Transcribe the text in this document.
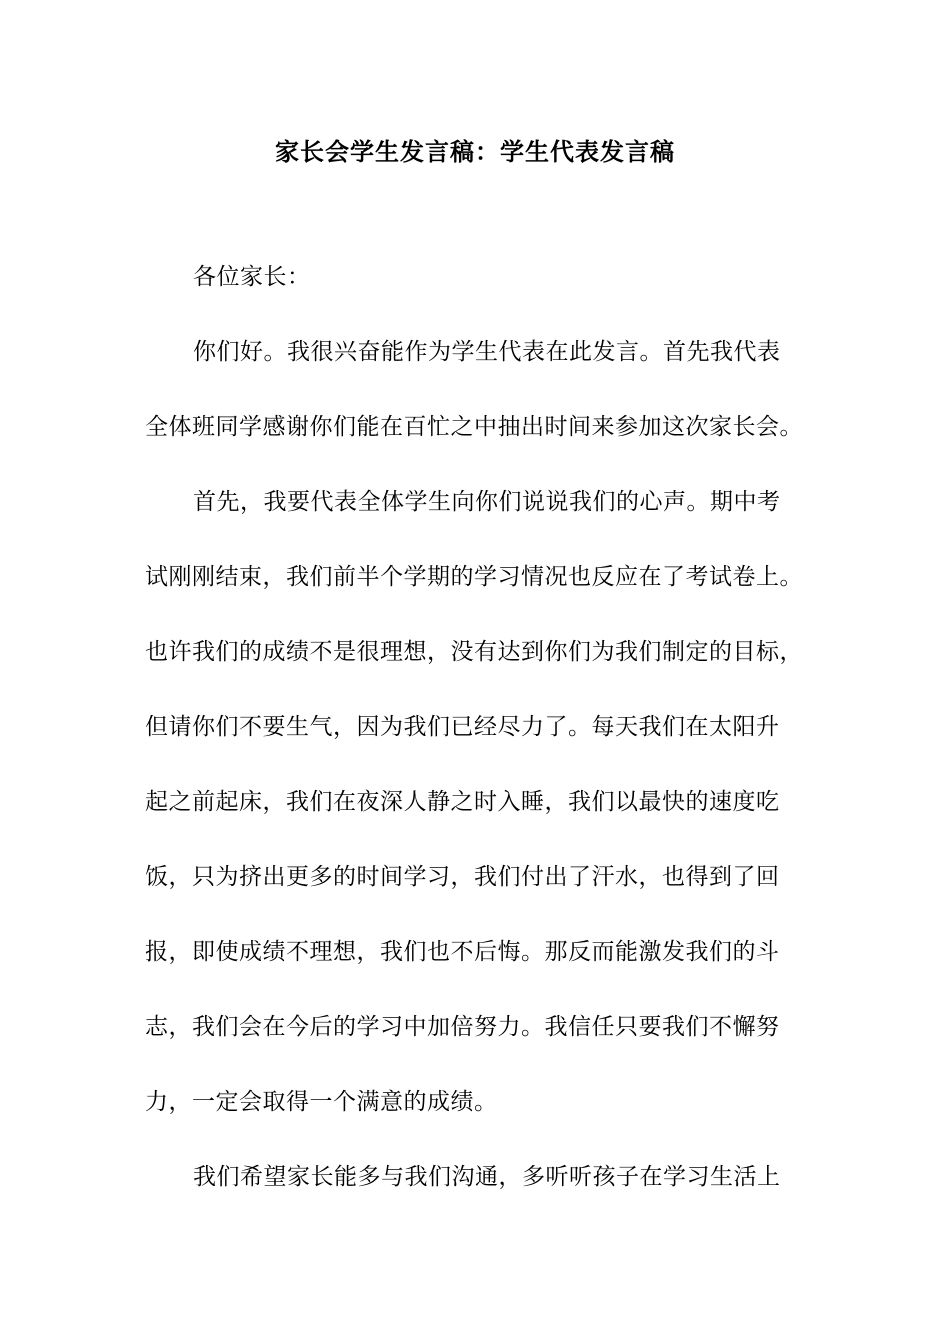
家长会学生发言稿：学生代表发言稿
各位家长：
你们好。我很兴奋能作为学生代表在此发言。首先我代表
全体班同学感谢你们能在百忙之中抽出时间来参加这次家长会。
首先，我要代表全体学生向你们说说我们的心声。期中考
试刚刚结束，我们前半个学期的学习情况也反应在了考试卷上。
也许我们的成绩不是很理想，没有达到你们为我们制定的目标，
但请你们不要生气，因为我们已经尽力了。每天我们在太阳升
起之前起床，我们在夜深人静之时入睡，我们以最快的速度吃
饭，只为挤出更多的时间学习，我们付出了汗水，也得到了回
报，即使成绩不理想，我们也不后悔。那反而能激发我们的斗
志，我们会在今后的学习中加倍努力。我信任只要我们不懈努
力，一定会取得一个满意的成绩。
我们希望家长能多与我们沟通，多听听孩子在学习生活上
